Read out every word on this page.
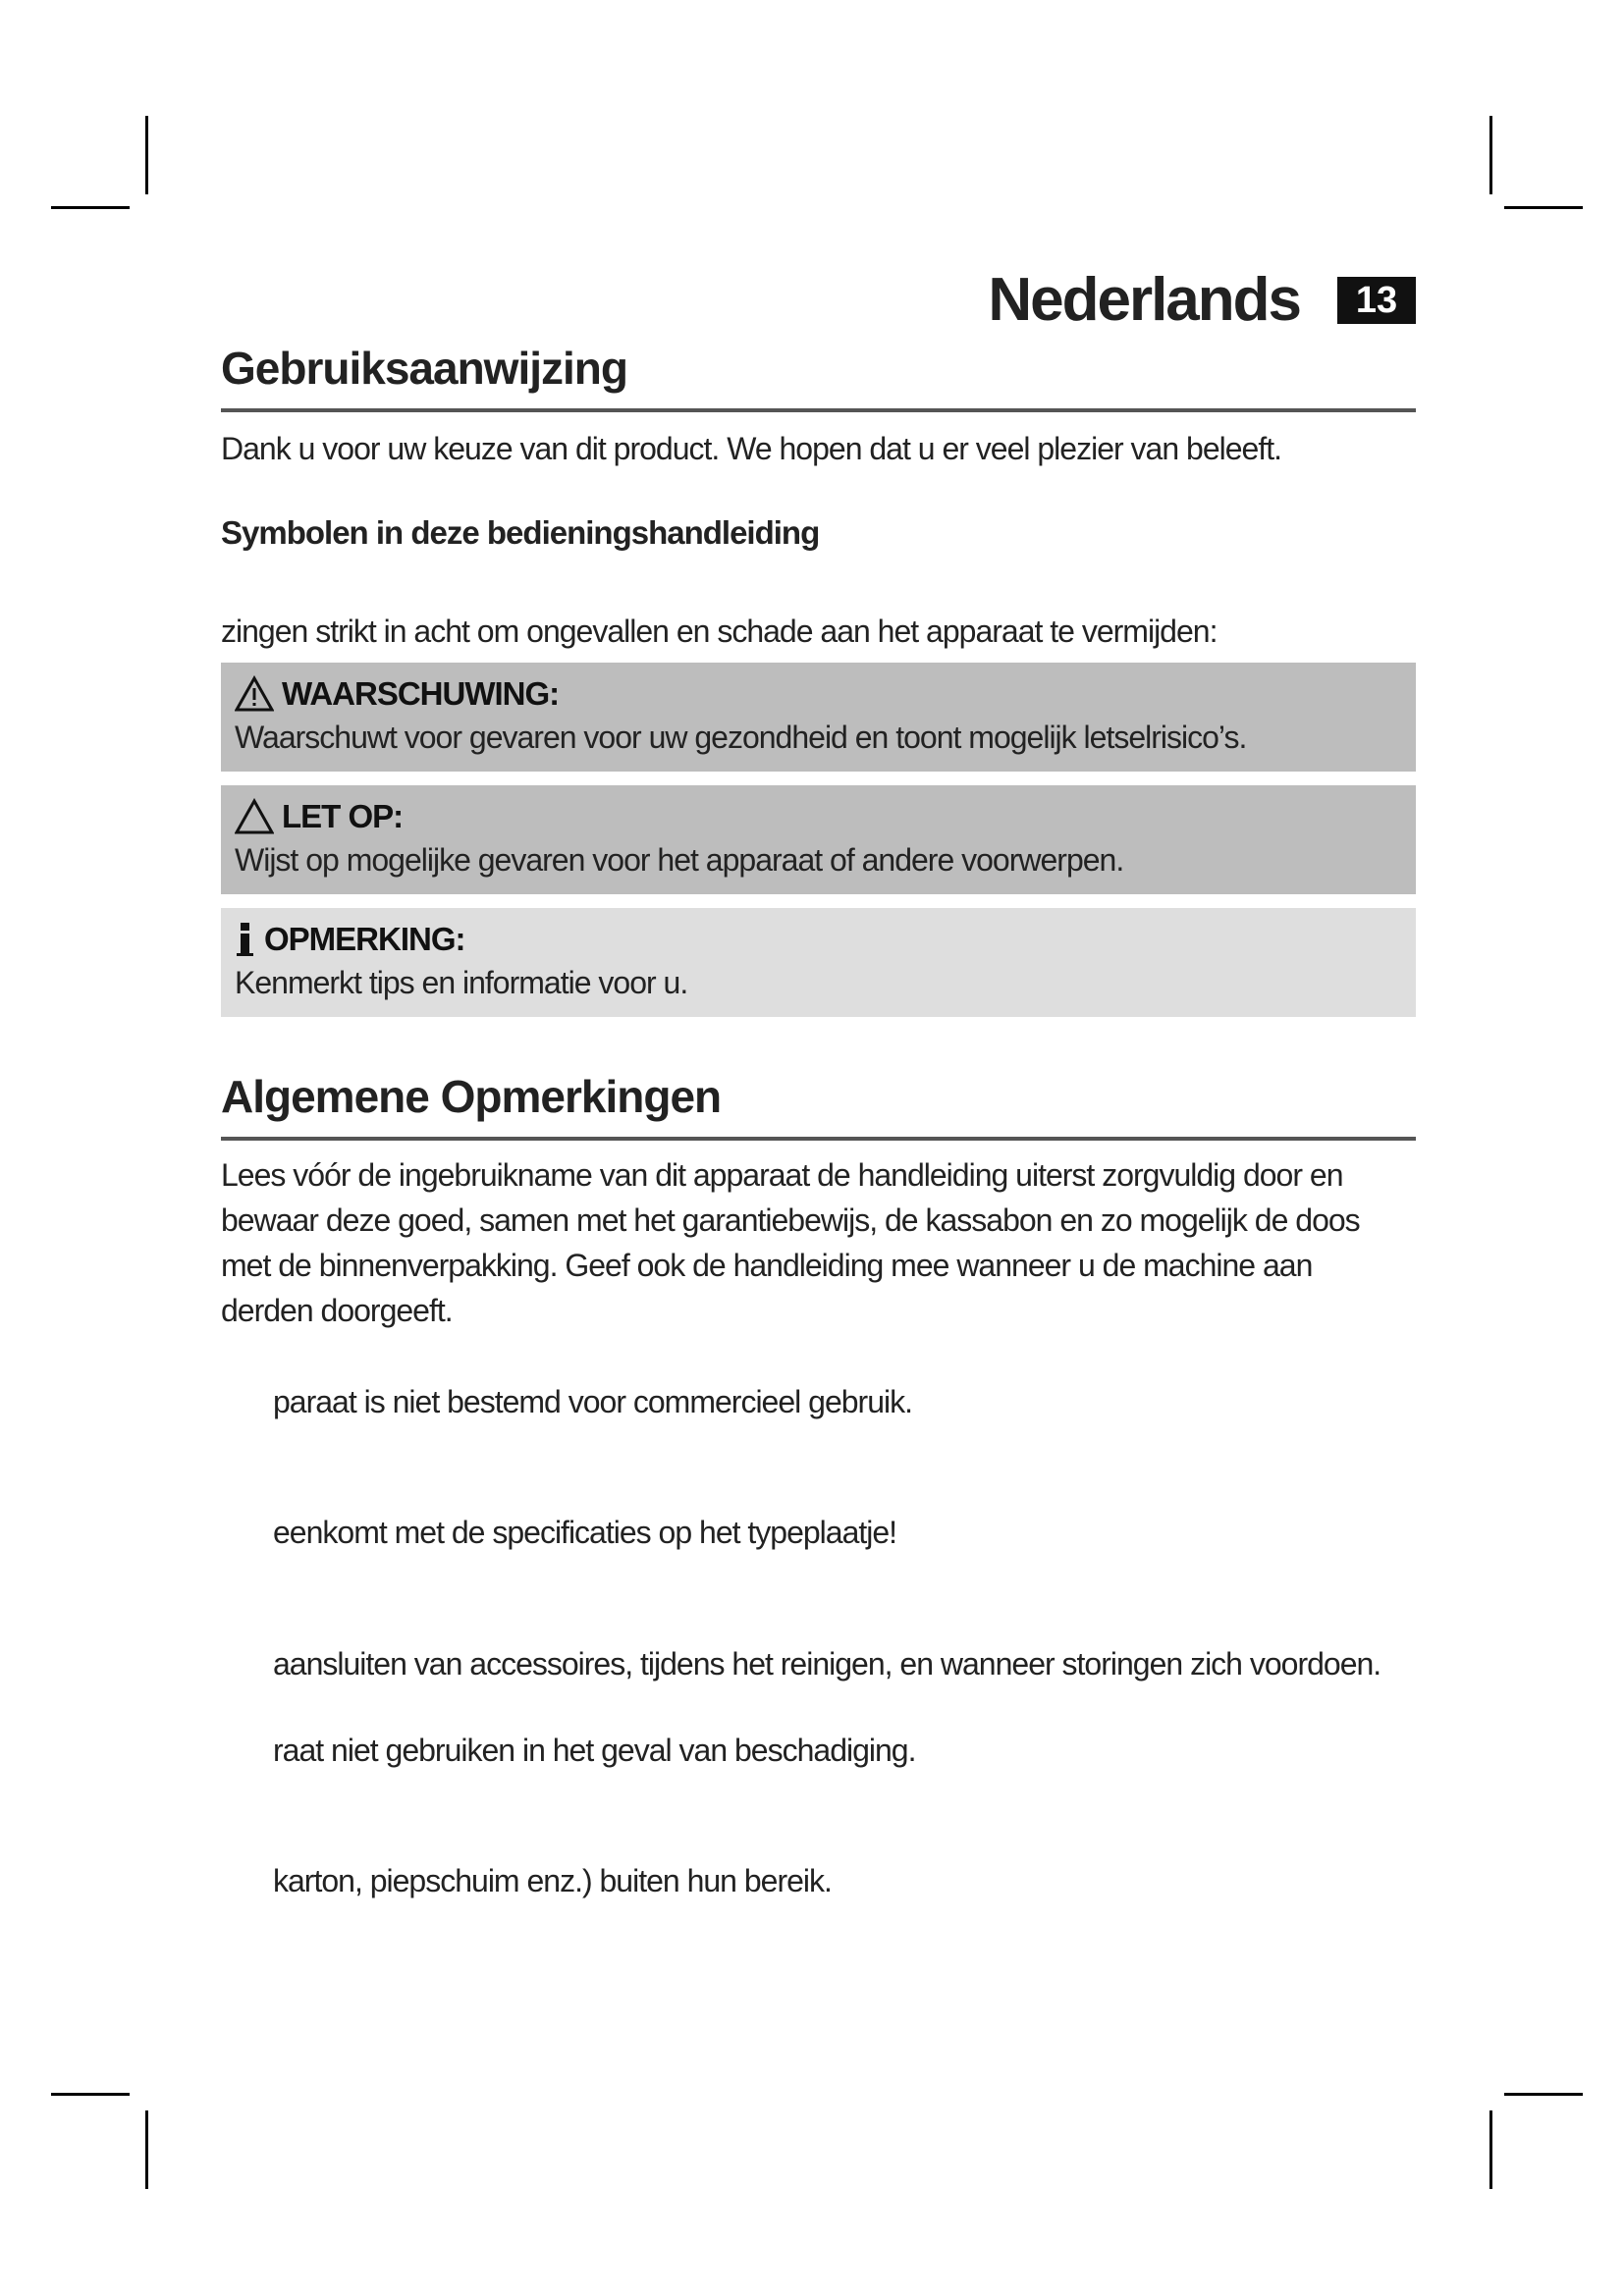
Nederlands	13
Gebruiksaanwijzing
Dank u voor uw keuze van dit product. We hopen dat u er veel plezier van beleeft.
Symbolen in deze bedieningshandleiding
zingen strikt in acht om ongevallen en schade aan het apparaat te vermijden:
WAARSCHUWING:
Waarschuwt voor gevaren voor uw gezondheid en toont mogelijk letselrisico’s.
LET OP:
Wijst op mogelijke gevaren voor het apparaat of andere voorwerpen.
OPMERKING:
Kenmerkt tips en informatie voor u.
Algemene Opmerkingen
Lees vóór de ingebruikname van dit apparaat de handleiding uiterst zorgvuldig door en
bewaar deze goed, samen met het garantiebewijs, de kassabon en zo mogelijk de doos
met de binnenverpakking. Geef ook de handleiding mee wanneer u de machine aan
derden doorgeeft.
paraat is niet bestemd voor commercieel gebruik.
eenkomt met de specificaties op het typeplaatje!
aansluiten van accessoires, tijdens het reinigen, en wanneer storingen zich voordoen.
raat niet gebruiken in het geval van beschadiging.
karton, piepschuim enz.) buiten hun bereik.
